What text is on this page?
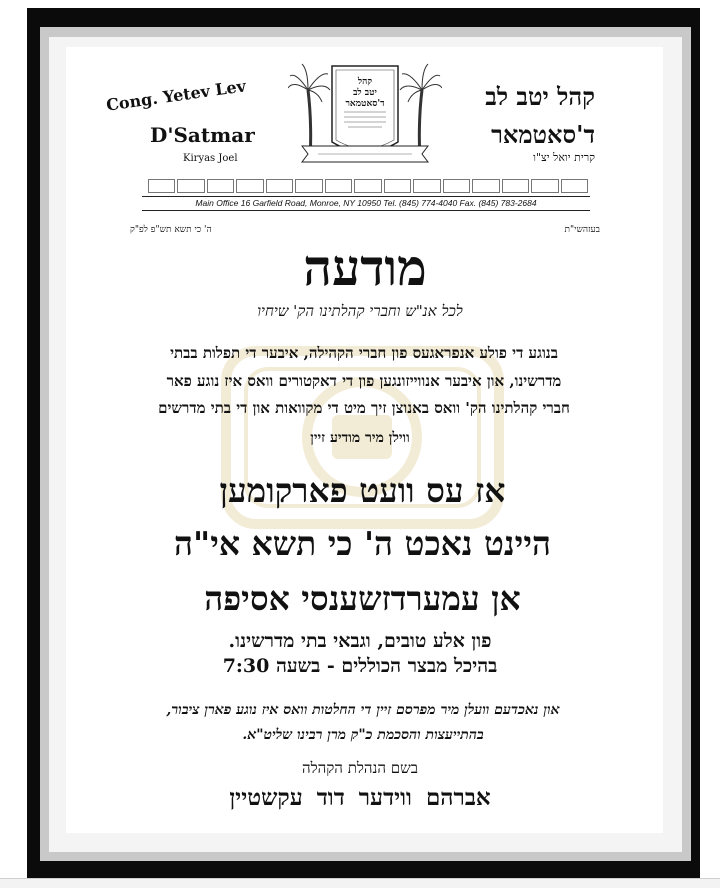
Cong. Yetev Lev
D'Satmar
Kiryas Joel
קהל יטב לב
ד'סאטמאר
קרית יואל יצ"ו
קהל
יטב לב
ד'סאטמאר
Main Office 16 Garfield Road, Monroe, NY 10950 Tel. (845) 774-4040 Fax. (845) 783-2684
בעזהשי"ת
ה' כי תשא תש"פ לפ"ק
מודעה
לכל אנ"ש וחברי קהלתינו הק' שיחיו
בנוגע די פולע אנפראגעס פון חברי הקהילה, איבער די תפלות בבתי
מדרשינו, און איבער אנווייזונגען פון די דאקטורים וואס איז נוגע פאר
חברי קהלתינו הק' וואס באנוצן זיך מיט די מקוואות און די בתי מדרשים
ווילן מיר מודיע זיין
אז עס וועט פארקומען
היינט נאכט ה' כי תשא אי"ה
אן עמערדזשענסי אסיפה
פון אלע טובים, וגבאי בתי מדרשינו.
בהיכל מבצר הכוללים - בשעה 7:30
און נאכדעם וועלן מיר מפרסם זיין די החלטות וואס איז נוגע פארן ציבור,
בהתייעצות והסכמת כ"ק מרן רבינו שליט"א.
בשם הנהלת הקהלה
אברהם ווידער דוד עקשטיין
